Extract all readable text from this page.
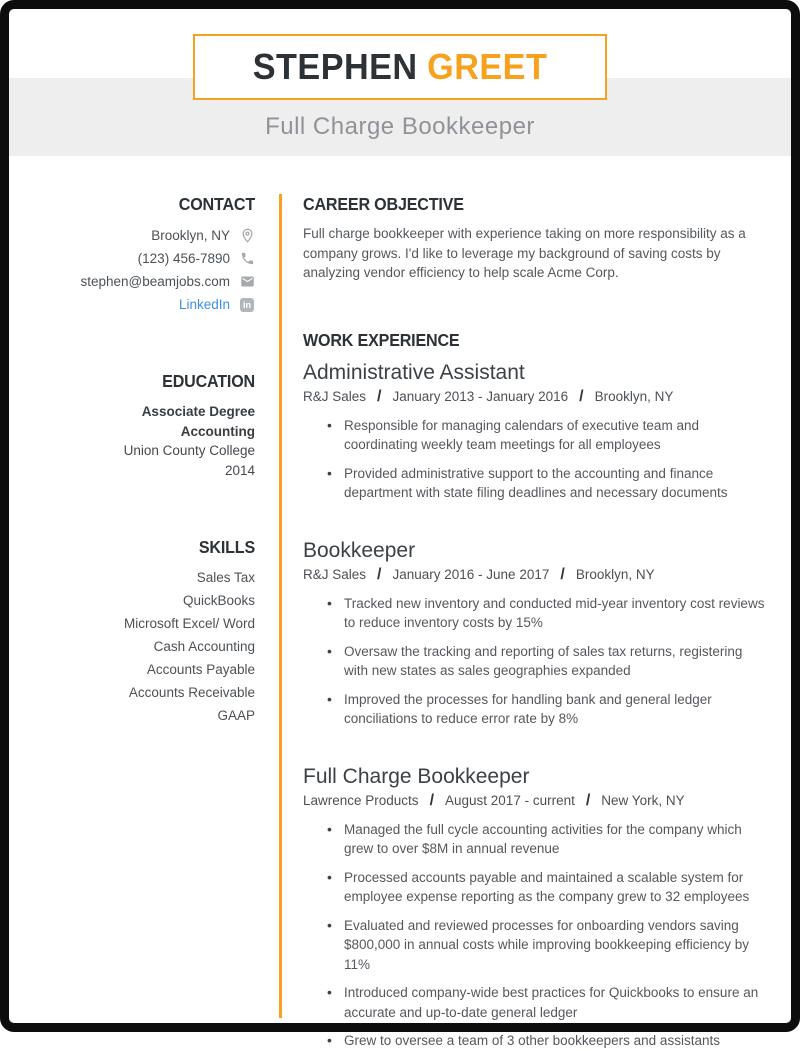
STEPHEN GREET
Full Charge Bookkeeper
CONTACT
Brooklyn, NY
(123) 456-7890
stephen@beamjobs.com
LinkedIn	in
EDUCATION
Associate Degree
Accounting
Union County College
2014
SKILLS
Sales Tax
QuickBooks
Microsoft Excel/ Word
Cash Accounting
Accounts Payable
Accounts Receivable
GAAP
CAREER OBJECTIVE

Full charge bookkeeper with experience taking on more responsibility as a company grows. I'd like to leverage my background of saving costs by analyzing vendor efficiency to help scale Acme Corp.

WORK EXPERIENCE
Administrative Assistant
R&J Sales / January 2013 - January 2016 / Brooklyn, NY
• Responsible for managing calendars of executive team and coordinating weekly team meetings for all employees
• Provided administrative support to the accounting and finance department with state filing deadlines and necessary documents
Bookkeeper
R&J Sales / January 2016 - June 2017 / Brooklyn, NY
• Tracked new inventory and conducted mid-year inventory cost reviews to reduce inventory costs by 15%
• Oversaw the tracking and reporting of sales tax returns, registering with new states as sales geographies expanded
• Improved the processes for handling bank and general ledger conciliations to reduce error rate by 8%
Full Charge Bookkeeper
Lawrence Products / August 2017 - current / New York, NY
• Managed the full cycle accounting activities for the company which grew to over $8M in annual revenue
• Processed accounts payable and maintained a scalable system for employee expense reporting as the company grew to 32 employees
• Evaluated and reviewed processes for onboarding vendors saving $800,000 in annual costs while improving bookkeeping efficiency by 11%
• Introduced company-wide best practices for Quickbooks to ensure an accurate and up-to-date general ledger
• Grew to oversee a team of 3 other bookkeepers and assistants
